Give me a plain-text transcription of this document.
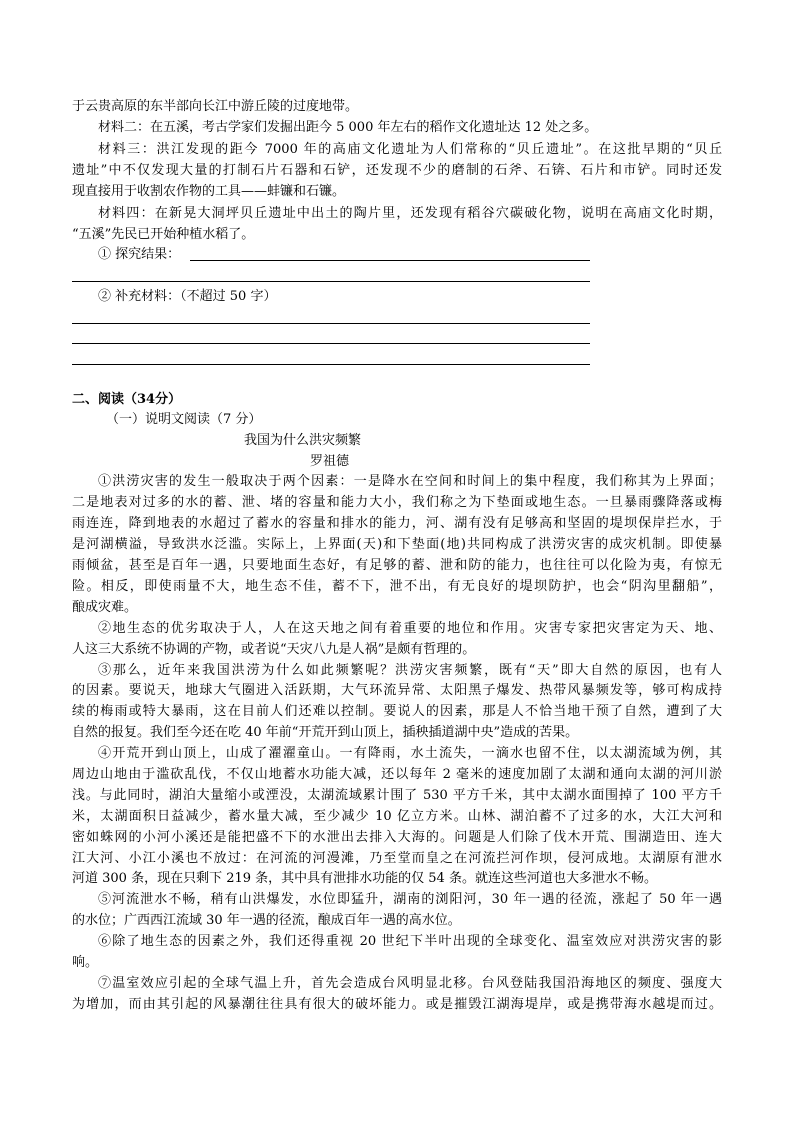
于云贵高原的东半部向长江中游丘陵的过度地带。
材料二：在五溪，考古学家们发掘出距今 5 000 年左右的稻作文化遗址达 12 处之多。
材料三：洪江发现的距今 7000 年的高庙文化遗址为人们常称的“贝丘遗址”。在这批早期的“贝丘
遗址”中不仅发现大量的打制石片石器和石铲，还发现不少的磨制的石斧、石锛、石片和市铲。同时还发
现直接用于收割农作物的工具——蚌镰和石镰。
材料四：在新晃大洞坪贝丘遗址中出土的陶片里，还发现有稻谷穴碳破化物，说明在高庙文化时期，
“五溪”先民已开始种植水稻了。
① 探究结果：
② 补充材料：（不超过 50 字）
二、阅读（34分）
（一）说明文阅读（7 分）
我国为什么洪灾频繁
罗祖德
①洪涝灾害的发生一般取决于两个因素：一是降水在空间和时间上的集中程度，我们称其为上界面；
二是地表对过多的水的蓄、泄、堵的容量和能力大小，我们称之为下垫面或地生态。一旦暴雨骤降落或梅
雨连连，降到地表的水超过了蓄水的容量和排水的能力，河、湖有没有足够高和坚固的堤坝保岸拦水，于
是河湖横溢，导致洪水泛滥。实际上，上界面(天)和下垫面(地)共同构成了洪涝灾害的成灾机制。即使暴
雨倾盆，甚至是百年一遇，只要地面生态好，有足够的蓄、泄和防的能力，也往往可以化险为夷，有惊无
险。相反，即使雨量不大，地生态不佳，蓄不下，泄不出，有无良好的堤坝防护，也会“阴沟里翻船”，
酿成灾难。
②地生态的优劣取决于人，人在这天地之间有着重要的地位和作用。灾害专家把灾害定为天、地、
人这三大系统不协调的产物，或者说“天灾八九是人祸”是颇有哲理的。
③那么，近年来我国洪涝为什么如此频繁呢？洪涝灾害频繁，既有“天”即大自然的原因，也有人
的因素。要说天，地球大气圈进入活跃期，大气环流异常、太阳黑子爆发、热带风暴频发等，够可构成持
续的梅雨或特大暴雨，这在目前人们还难以控制。要说人的因素，那是人不恰当地干预了自然，遭到了大
自然的报复。我们至今还在吃 40 年前“开荒开到山顶上，插秧插道湖中央”造成的苦果。
④开荒开到山顶上，山成了濯濯童山。一有降雨，水土流失，一滴水也留不住，以太湖流域为例，其
周边山地由于滥砍乱伐，不仅山地蓄水功能大减，还以每年 2 毫米的速度加剧了太湖和通向太湖的河川淤
浅。与此同时，湖泊大量缩小或湮没，太湖流域累计围了 530 平方千米，其中太湖水面围掉了 100 平方千
米，太湖面积日益减少，蓄水量大减，至少减少 10 亿立方米。山林、湖泊蓄不了过多的水，大江大河和
密如蛛网的小河小溪还是能把盛不下的水泄出去排入大海的。问题是人们除了伐木开荒、围湖造田、连大
江大河、小江小溪也不放过：在河流的河漫滩，乃至堂而皇之在河流拦河作坝，侵河成地。太湖原有泄水
河道 300 条，现在只剩下 219 条，其中具有泄排水功能的仅 54 条。就连这些河道也大多泄水不畅。
⑤河流泄水不畅，稍有山洪爆发，水位即猛升，湖南的浏阳河，30 年一遇的径流，涨起了 50 年一遇
的水位；广西西江流域 30 年一遇的径流，酿成百年一遇的高水位。
⑥除了地生态的因素之外，我们还得重视 20 世纪下半叶出现的全球变化、温室效应对洪涝灾害的影
响。
⑦温室效应引起的全球气温上升，首先会造成台风明显北移。台风登陆我国沿海地区的频度、强度大
为增加，而由其引起的风暴潮往往具有很大的破坏能力。或是摧毁江湖海堤岸，或是携带海水越堤而过。
